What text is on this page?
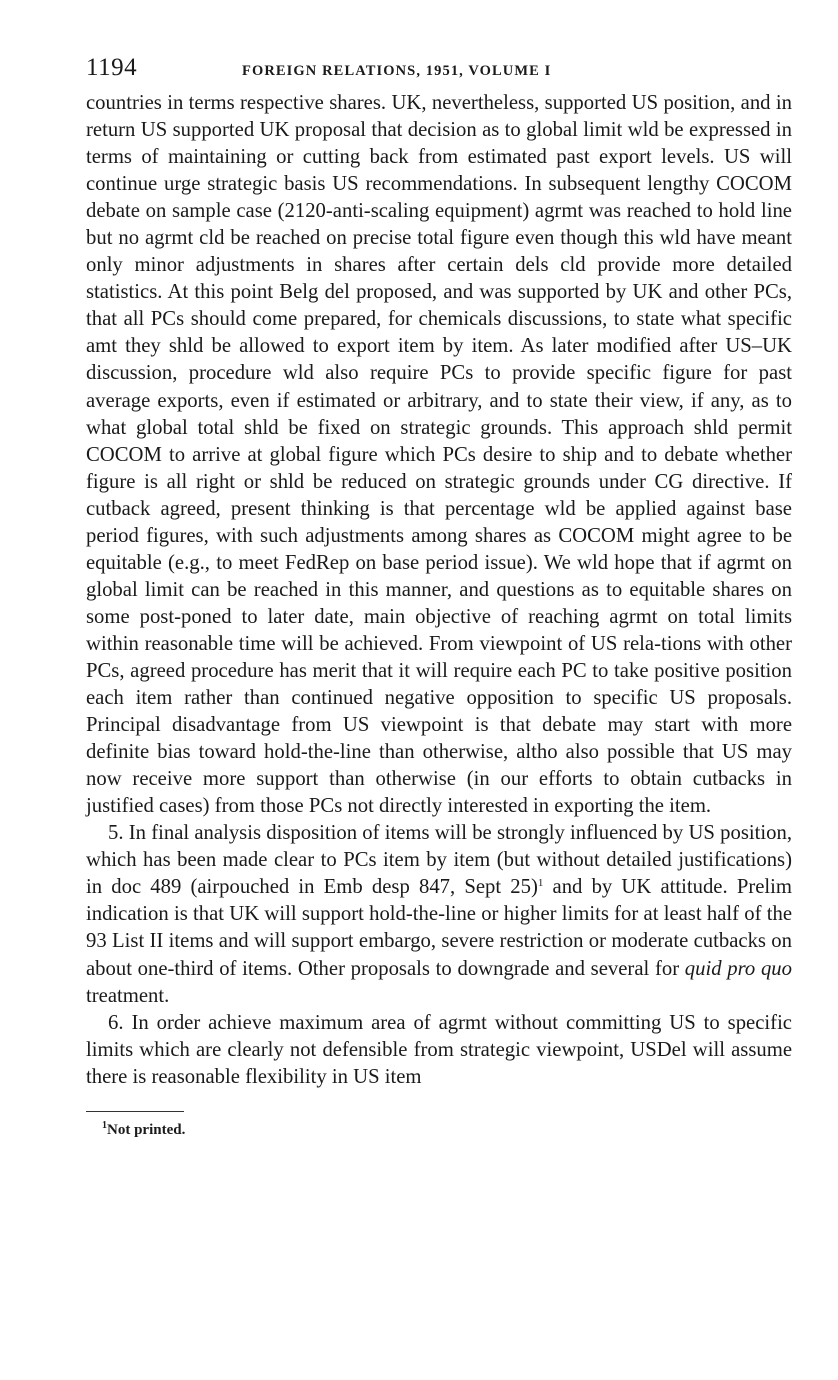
1194	FOREIGN RELATIONS, 1951, VOLUME I

countries in terms respective shares. UK, nevertheless, supported US position, and in return US supported UK proposal that decision as to global limit wld be expressed in terms of maintaining or cutting back from estimated past export levels. US will continue urge strategic basis US recommendations. In subsequent lengthy COCOM debate on sample case (2120-anti-scaling equipment) agrmt was reached to hold line but no agrmt cld be reached on precise total figure even though this wld have meant only minor adjustments in shares after certain dels cld provide more detailed statistics. At this point Belg del proposed, and was supported by UK and other PCs, that all PCs should come prepared, for chemicals discussions, to state what specific amt they shld be allowed to export item by item. As later modified after US–UK discussion, procedure wld also require PCs to provide specific figure for past average exports, even if estimated or arbitrary, and to state their view, if any, as to what global total shld be fixed on strategic grounds. This approach shld permit COCOM to arrive at global figure which PCs desire to ship and to debate whether figure is all right or shld be reduced on strategic grounds under CG directive. If cutback agreed, present thinking is that percentage wld be applied against base period figures, with such adjustments among shares as COCOM might agree to be equitable (e.g., to meet FedRep on base period issue). We wld hope that if agrmt on global limit can be reached in this manner, and questions as to equitable shares on some post-poned to later date, main objective of reaching agrmt on total limits within reasonable time will be achieved. From viewpoint of US rela-tions with other PCs, agreed procedure has merit that it will require each PC to take positive position each item rather than continued negative opposition to specific US proposals. Principal disadvantage from US viewpoint is that debate may start with more definite bias toward hold-the-line than otherwise, altho also possible that US may now receive more support than otherwise (in our efforts to obtain cutbacks in justified cases) from those PCs not directly interested in exporting the item.

5. In final analysis disposition of items will be strongly influenced by US position, which has been made clear to PCs item by item (but without detailed justifications) in doc 489 (airpouched in Emb desp 847, Sept 25)$^1$ and by UK attitude. Prelim indication is that UK will support hold-the-line or higher limits for at least half of the 93 List II items and will support embargo, severe restriction or moderate cutbacks on about one-third of items. Other proposals to downgrade and several for quid pro quo treatment.

6. In order achieve maximum area of agrmt without committing US to specific limits which are clearly not defensible from strategic viewpoint, USDel will assume there is reasonable flexibility in US item

$^1$Not printed.
